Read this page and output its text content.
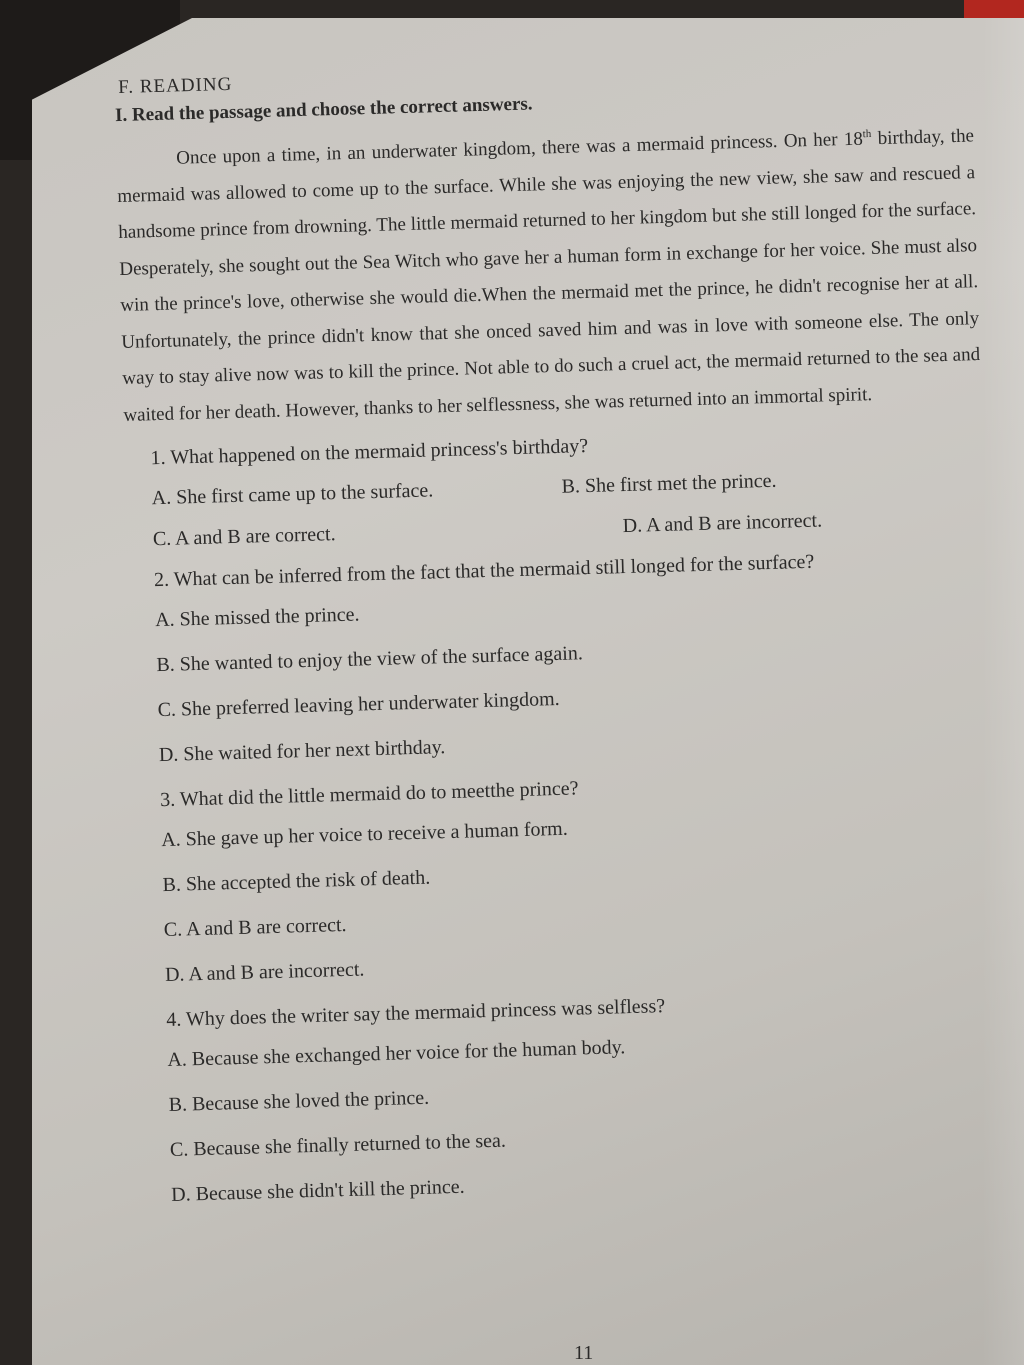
F. READING
I. Read the passage and choose the correct answers.
Once upon a time, in an underwater kingdom, there was a mermaid princess. On her 18th birthday, the mermaid was allowed to come up to the surface. While she was enjoying the new view, she saw and rescued a handsome prince from drowning. The little mermaid returned to her kingdom but she still longed for the surface. Desperately, she sought out the Sea Witch who gave her a human form in exchange for her voice. She must also win the prince's love, otherwise she would die.When the mermaid met the prince, he didn't recognise her at all. Unfortunately, the prince didn't know that she onced saved him and was in love with someone else. The only way to stay alive now was to kill the prince. Not able to do such a cruel act, the mermaid returned to the sea and waited for her death. However, thanks to her selflessness, she was returned into an immortal spirit.
1. What happened on the mermaid princess's birthday?
A. She first came up to the surface.	B. She first met the prince.
C. A and B are correct.	D. A and B are incorrect.
2. What can be inferred from the fact that the mermaid still longed for the surface?
A. She missed the prince.
B. She wanted to enjoy the view of the surface again.
C. She preferred leaving her underwater kingdom.
D. She waited for her next birthday.
3. What did the little mermaid do to meetthe prince?
A. She gave up her voice to receive a human form.
B. She accepted the risk of death.
C. A and B are correct.
D. A and B are incorrect.
4. Why does the writer say the mermaid princess was selfless?
A. Because she exchanged her voice for the human body.
B. Because she loved the prince.
C. Because she finally returned to the sea.
D. Because she didn't kill the prince.
11
